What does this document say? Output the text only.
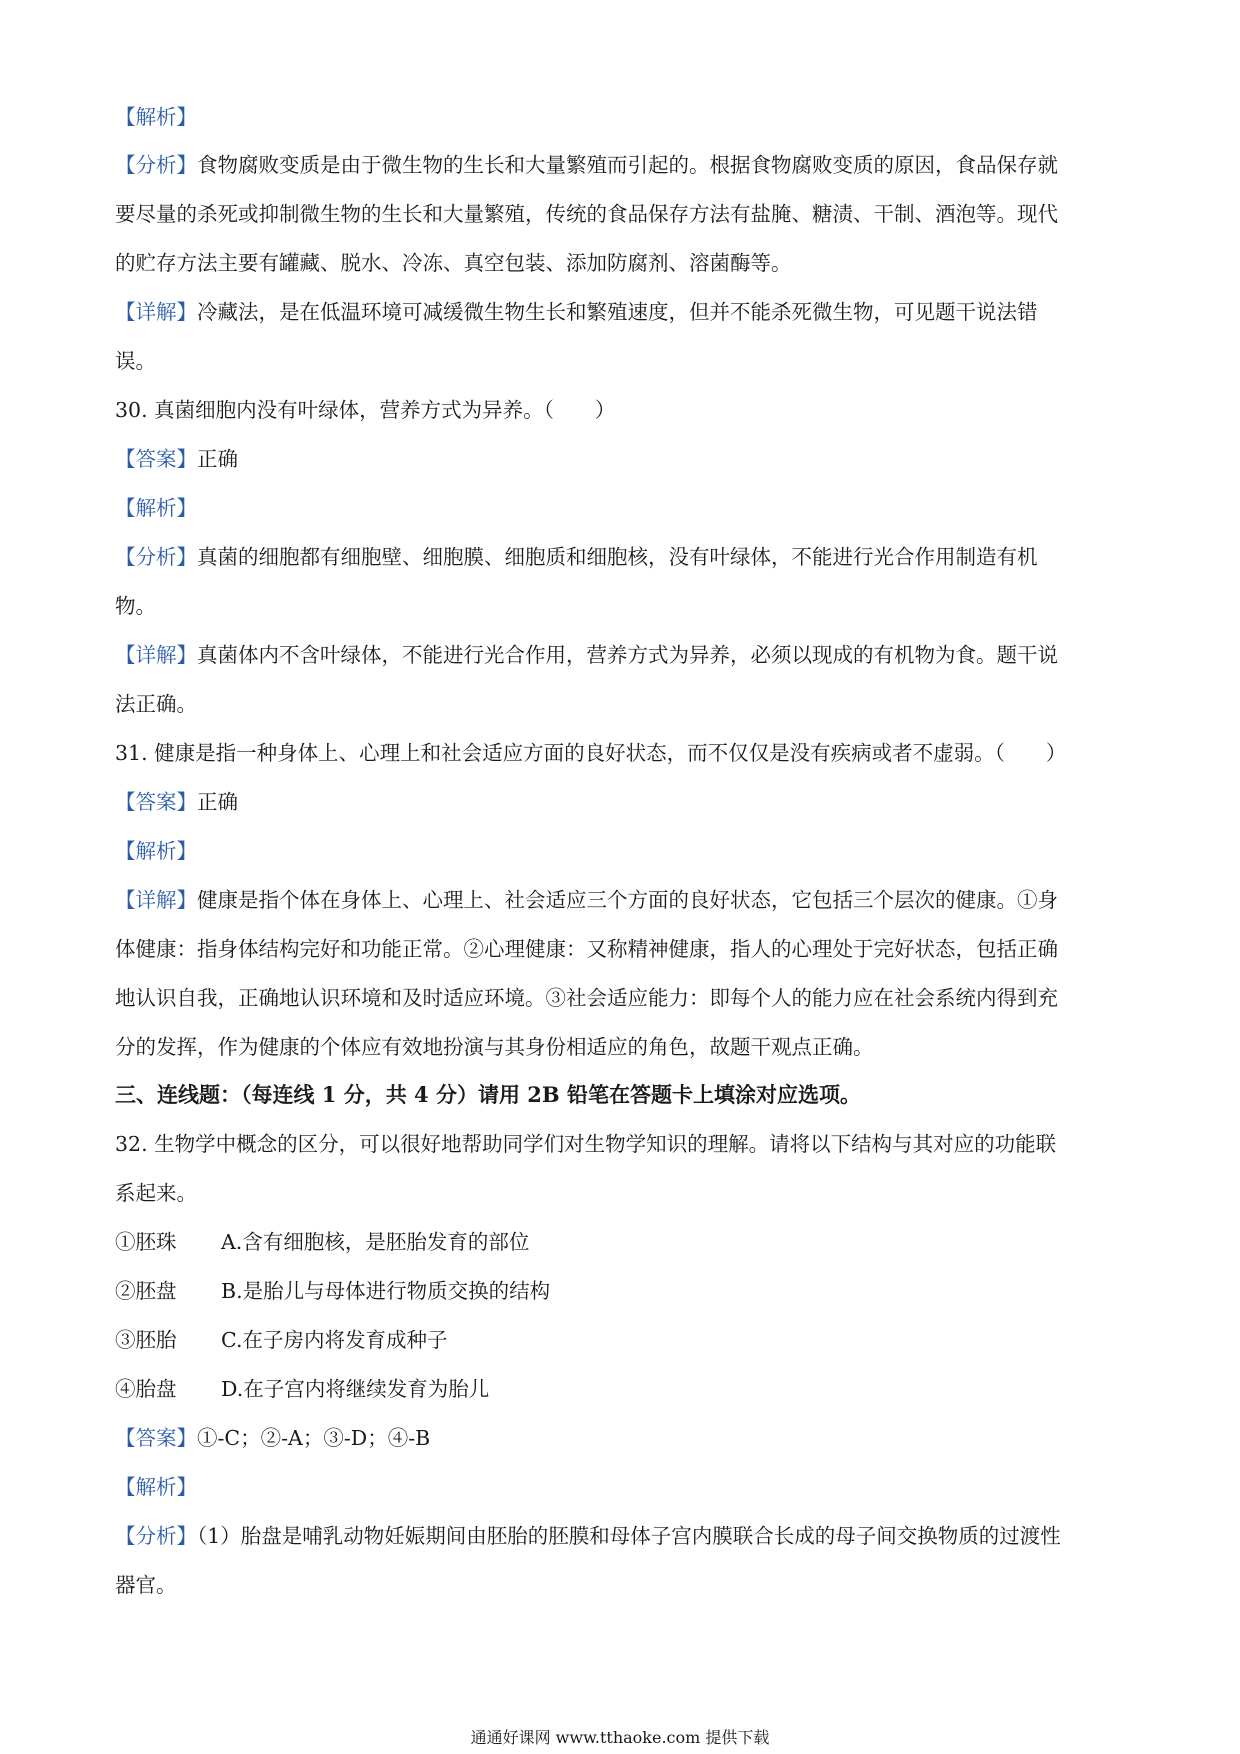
【解析】
【分析】食物腐败变质是由于微生物的生长和大量繁殖而引起的。根据食物腐败变质的原因，食品保存就
要尽量的杀死或抑制微生物的生长和大量繁殖，传统的食品保存方法有盐腌、糖渍、干制、酒泡等。现代
的贮存方法主要有罐藏、脱水、冷冻、真空包装、添加防腐剂、溶菌酶等。
【详解】冷藏法，是在低温环境可减缓微生物生长和繁殖速度，但并不能杀死微生物，可见题干说法错
误。
30. 真菌细胞内没有叶绿体，营养方式为异养。（　　）
【答案】正确
【解析】
【分析】真菌的细胞都有细胞壁、细胞膜、细胞质和细胞核，没有叶绿体，不能进行光合作用制造有机
物。
【详解】真菌体内不含叶绿体，不能进行光合作用，营养方式为异养，必须以现成的有机物为食。题干说
法正确。
31. 健康是指一种身体上、心理上和社会适应方面的良好状态，而不仅仅是没有疾病或者不虚弱。（　　）
【答案】正确
【解析】
【详解】健康是指个体在身体上、心理上、社会适应三个方面的良好状态，它包括三个层次的健康。①身
体健康：指身体结构完好和功能正常。②心理健康：又称精神健康，指人的心理处于完好状态，包括正确
地认识自我，正确地认识环境和及时适应环境。③社会适应能力：即每个人的能力应在社会系统内得到充
分的发挥，作为健康的个体应有效地扮演与其身份相适应的角色，故题干观点正确。
三、连线题：（每连线 1 分，共 4 分）请用 2B 铅笔在答题卡上填涂对应选项。
32. 生物学中概念的区分，可以很好地帮助同学们对生物学知识的理解。请将以下结构与其对应的功能联
系起来。
①胚珠 A.含有细胞核，是胚胎发育的部位
②胚盘 B.是胎儿与母体进行物质交换的结构
③胚胎 C.在子房内将发育成种子
④胎盘 D.在子宫内将继续发育为胎儿
【答案】①-C；②-A；③-D；④-B
【解析】
【分析】（1）胎盘是哺乳动物妊娠期间由胚胎的胚膜和母体子宫内膜联合长成的母子间交换物质的过渡性
器官。
通通好课网 www.tthaoke.com 提供下载
